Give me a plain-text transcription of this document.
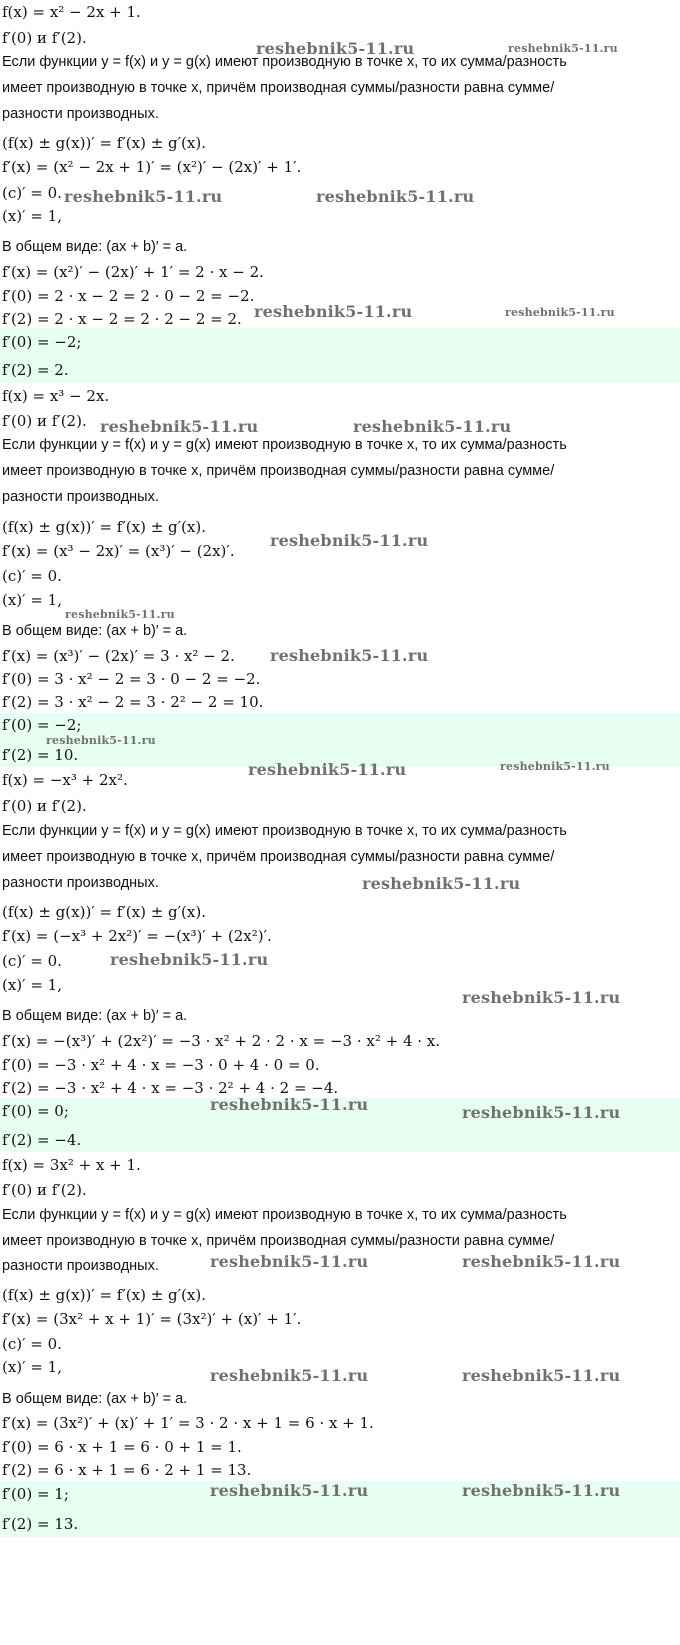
f(x) = x² − 2x + 1.
f′(0) и f′(2).
Если функции y = f(x) и y = g(x) имеют производную в точке x, то их сумма/разность
имеет производную в точке x, причём производная суммы/разности равна сумме/
разности производных.
(f(x) ± g(x))′ = f′(x) ± g′(x).
f′(x) = (x² − 2x + 1)′ = (x²)′ − (2x)′ + 1′.
(c)′ = 0.
(x)′ = 1,
В общем виде: (ax + b)′ = a.
f′(x) = (x²)′ − (2x)′ + 1′ = 2 · x − 2.
f′(0) = 2 · x − 2 = 2 · 0 − 2 = −2.
f′(2) = 2 · x − 2 = 2 · 2 − 2 = 2.
f′(0) = −2;
f′(2) = 2.
f(x) = x³ − 2x.
f′(0) и f′(2).
Если функции y = f(x) и y = g(x) имеют производную в точке x, то их сумма/разность
имеет производную в точке x, причём производная суммы/разности равна сумме/
разности производных.
(f(x) ± g(x))′ = f′(x) ± g′(x).
f′(x) = (x³ − 2x)′ = (x³)′ − (2x)′.
(c)′ = 0.
(x)′ = 1,
В общем виде: (ax + b)′ = a.
f′(x) = (x³)′ − (2x)′ = 3 · x² − 2.
f′(0) = 3 · x² − 2 = 3 · 0 − 2 = −2.
f′(2) = 3 · x² − 2 = 3 · 2² − 2 = 10.
f′(0) = −2;
f′(2) = 10.
f(x) = −x³ + 2x².
f′(0) и f′(2).
Если функции y = f(x) и y = g(x) имеют производную в точке x, то их сумма/разность
имеет производную в точке x, причём производная суммы/разности равна сумме/
разности производных.
(f(x) ± g(x))′ = f′(x) ± g′(x).
f′(x) = (−x³ + 2x²)′ = −(x³)′ + (2x²)′.
(c)′ = 0.
(x)′ = 1,
В общем виде: (ax + b)′ = a.
f′(x) = −(x³)′ + (2x²)′ = −3 · x² + 2 · 2 · x = −3 · x² + 4 · x.
f′(0) = −3 · x² + 4 · x = −3 · 0 + 4 · 0 = 0.
f′(2) = −3 · x² + 4 · x = −3 · 2² + 4 · 2 = −4.
f′(0) = 0;
f′(2) = −4.
f(x) = 3x² + x + 1.
f′(0) и f′(2).
Если функции y = f(x) и y = g(x) имеют производную в точке x, то их сумма/разность
имеет производную в точке x, причём производная суммы/разности равна сумме/
разности производных.
(f(x) ± g(x))′ = f′(x) ± g′(x).
f′(x) = (3x² + x + 1)′ = (3x²)′ + (x)′ + 1′.
(c)′ = 0.
(x)′ = 1,
В общем виде: (ax + b)′ = a.
f′(x) = (3x²)′ + (x)′ + 1′ = 3 · 2 · x + 1 = 6 · x + 1.
f′(0) = 6 · x + 1 = 6 · 0 + 1 = 1.
f′(2) = 6 · x + 1 = 6 · 2 + 1 = 13.
f′(0) = 1;
f′(2) = 13.
reshebnik5-11.ru	reshebnik5-11.ru
reshebnik5-11.ru	reshebnik5-11.ru
reshebnik5-11.ru	reshebnik5-11.ru
reshebnik5-11.ru	reshebnik5-11.ru
reshebnik5-11.ru
reshebnik5-11.ru
reshebnik5-11.ru
reshebnik5-11.ru
reshebnik5-11.ru	reshebnik5-11.ru
reshebnik5-11.ru
reshebnik5-11.ru
reshebnik5-11.ru
reshebnik5-11.ru	reshebnik5-11.ru
reshebnik5-11.ru	reshebnik5-11.ru
reshebnik5-11.ru	reshebnik5-11.ru
reshebnik5-11.ru	reshebnik5-11.ru
